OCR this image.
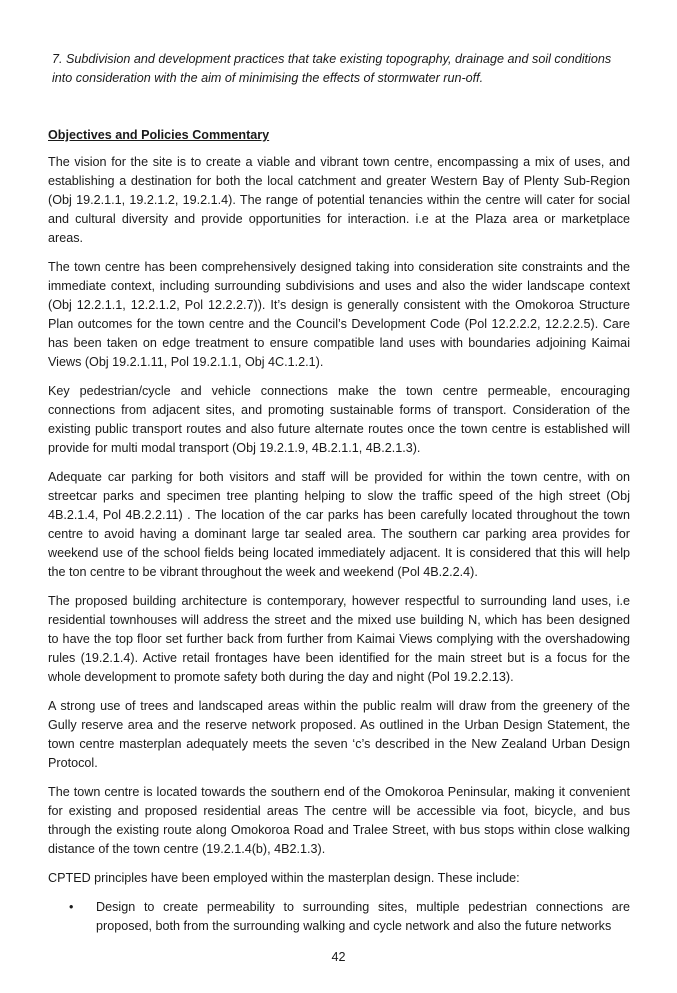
7. Subdivision and development practices that take existing topography, drainage and soil conditions into consideration with the aim of minimising the effects of stormwater run-off.

Objectives and Policies Commentary

The vision for the site is to create a viable and vibrant town centre, encompassing a mix of uses, and establishing a destination for both the local catchment and greater Western Bay of Plenty Sub-Region (Obj 19.2.1.1, 19.2.1.2, 19.2.1.4). The range of potential tenancies within the centre will cater for social and cultural diversity and provide opportunities for interaction. i.e at the Plaza area or marketplace areas.

The town centre has been comprehensively designed taking into consideration site constraints and the immediate context, including surrounding subdivisions and uses and also the wider landscape context (Obj 12.2.1.1, 12.2.1.2, Pol 12.2.2.7)). It’s design is generally consistent with the Omokoroa Structure Plan outcomes for the town centre and the Council’s Development Code (Pol 12.2.2.2, 12.2.2.5). Care has been taken on edge treatment to ensure compatible land uses with boundaries adjoining Kaimai Views (Obj 19.2.1.11, Pol 19.2.1.1, Obj 4C.1.2.1).

Key pedestrian/cycle and vehicle connections make the town centre permeable, encouraging connections from adjacent sites, and promoting sustainable forms of transport. Consideration of the existing public transport routes and also future alternate routes once the town centre is established will provide for multi modal transport (Obj 19.2.1.9, 4B.2.1.1, 4B.2.1.3).

Adequate car parking for both visitors and staff will be provided for within the town centre, with on streetcar parks and specimen tree planting helping to slow the traffic speed of the high street (Obj 4B.2.1.4, Pol 4B.2.2.11) . The location of the car parks has been carefully located throughout the town centre to avoid having a dominant large tar sealed area. The southern car parking area provides for weekend use of the school fields being located immediately adjacent. It is considered that this will help the ton centre to be vibrant throughout the week and weekend (Pol 4B.2.2.4).

The proposed building architecture is contemporary, however respectful to surrounding land uses, i.e residential townhouses will address the street and the mixed use building N, which has been designed to have the top floor set further back from further from Kaimai Views complying with the overshadowing rules (19.2.1.4). Active retail frontages have been identified for the main street but is a focus for the whole development to promote safety both during the day and night (Pol 19.2.2.13).

A strong use of trees and landscaped areas within the public realm will draw from the greenery of the Gully reserve area and the reserve network proposed. As outlined in the Urban Design Statement, the town centre masterplan adequately meets the seven ‘c’s described in the New Zealand Urban Design Protocol.

The town centre is located towards the southern end of the Omokoroa Peninsular, making it convenient for existing and proposed residential areas The centre will be accessible via foot, bicycle, and bus through the existing route along Omokoroa Road and Tralee Street, with bus stops within close walking distance of the town centre (19.2.1.4(b), 4B2.1.3).

CPTED principles have been employed within the masterplan design. These include:

•	Design to create permeability to surrounding sites, multiple pedestrian connections are proposed, both from the surrounding walking and cycle network and also the future networks

42
